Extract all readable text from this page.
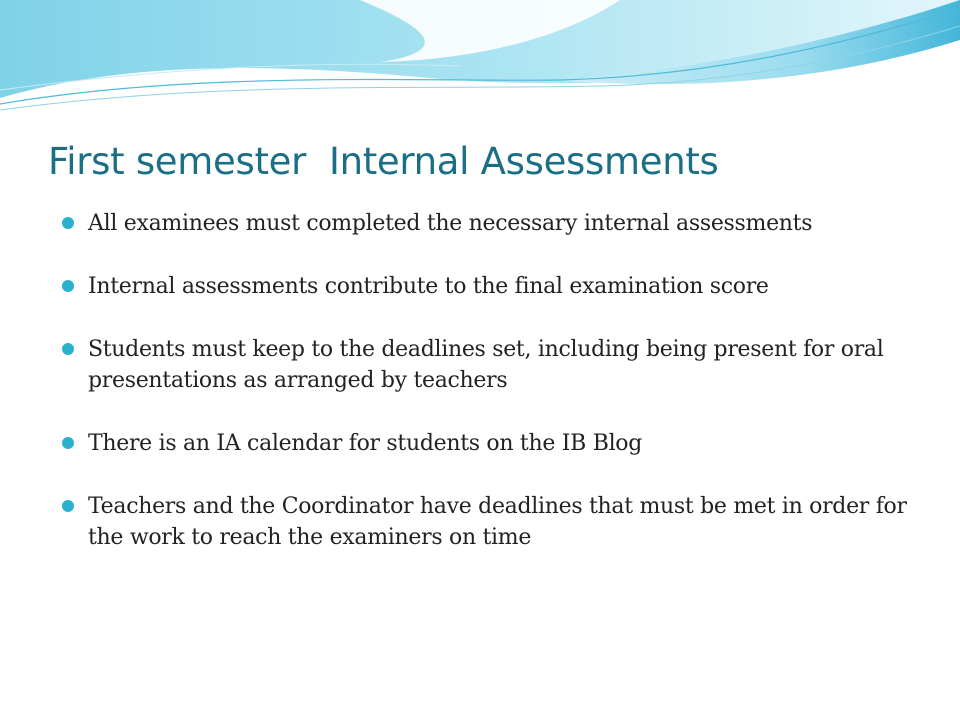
First semester  Internal Assessments
All examinees must completed the necessary internal assessments
Internal assessments contribute to the final examination score
Students must keep to the deadlines set, including being present for oral presentations as arranged by teachers
There is an IA calendar for students on the IB Blog
Teachers and the Coordinator have deadlines that must be met in order for the work to reach the examiners on time
